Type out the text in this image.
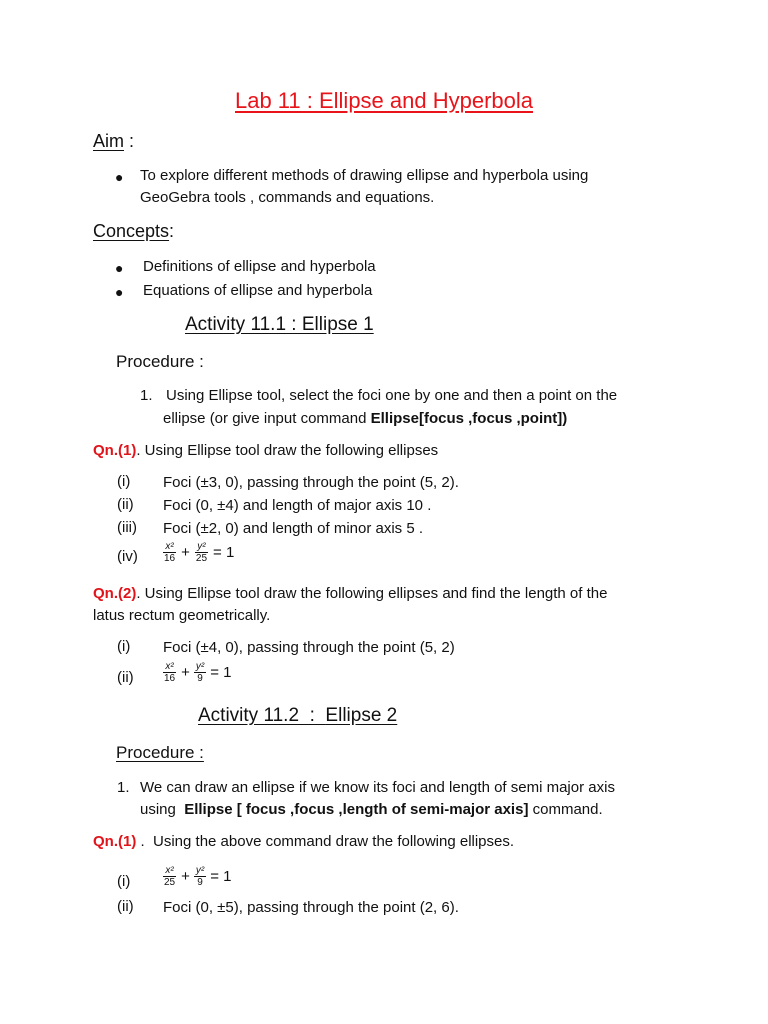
Lab 11 : Ellipse and Hyperbola
Aim :
● To explore different methods of drawing ellipse and hyperbola using
GeoGebra tools , commands and equations.
Concepts:
● Definitions of ellipse and hyperbola
● Equations of ellipse and hyperbola
Activity 11.1 : Ellipse 1
Procedure :
1. Using Ellipse tool, select the foci one by one and then a point on the
ellipse (or give input command Ellipse[focus ,focus ,point])
Qn.(1). Using Ellipse tool draw the following ellipses
(i) Foci (±3, 0), passing through the point (5, 2).
(ii) Foci (0, ±4) and length of major axis 10 .
(iii) Foci (±2, 0) and length of minor axis 5 .
$(iv) \frac{\text{x²}}{16} + \frac{\text{y²}}{25} = 1$
Qn.(2). Using Ellipse tool draw the following ellipses and find the length of the
latus rectum geometrically.
(i) Foci (±4, 0), passing through the point (5, 2)
(ii)	$\frac{\text{x²}}{16} + \frac{\text{y²}}{9} = 1$
Activity 11.2  :  Ellipse 2
Procedure :
1. We can draw an ellipse if we know its foci and length of semi major axis
using  Ellipse [ focus ,focus ,length of semi-major axis] command.
Qn.(1) .  Using the above command draw the following ellipses.
(i)	$\frac{\text{x²}}{25} + \frac{\text{y²}}{9} = 1$
(ii) Foci (0, ±5), passing through the point (2, 6).
